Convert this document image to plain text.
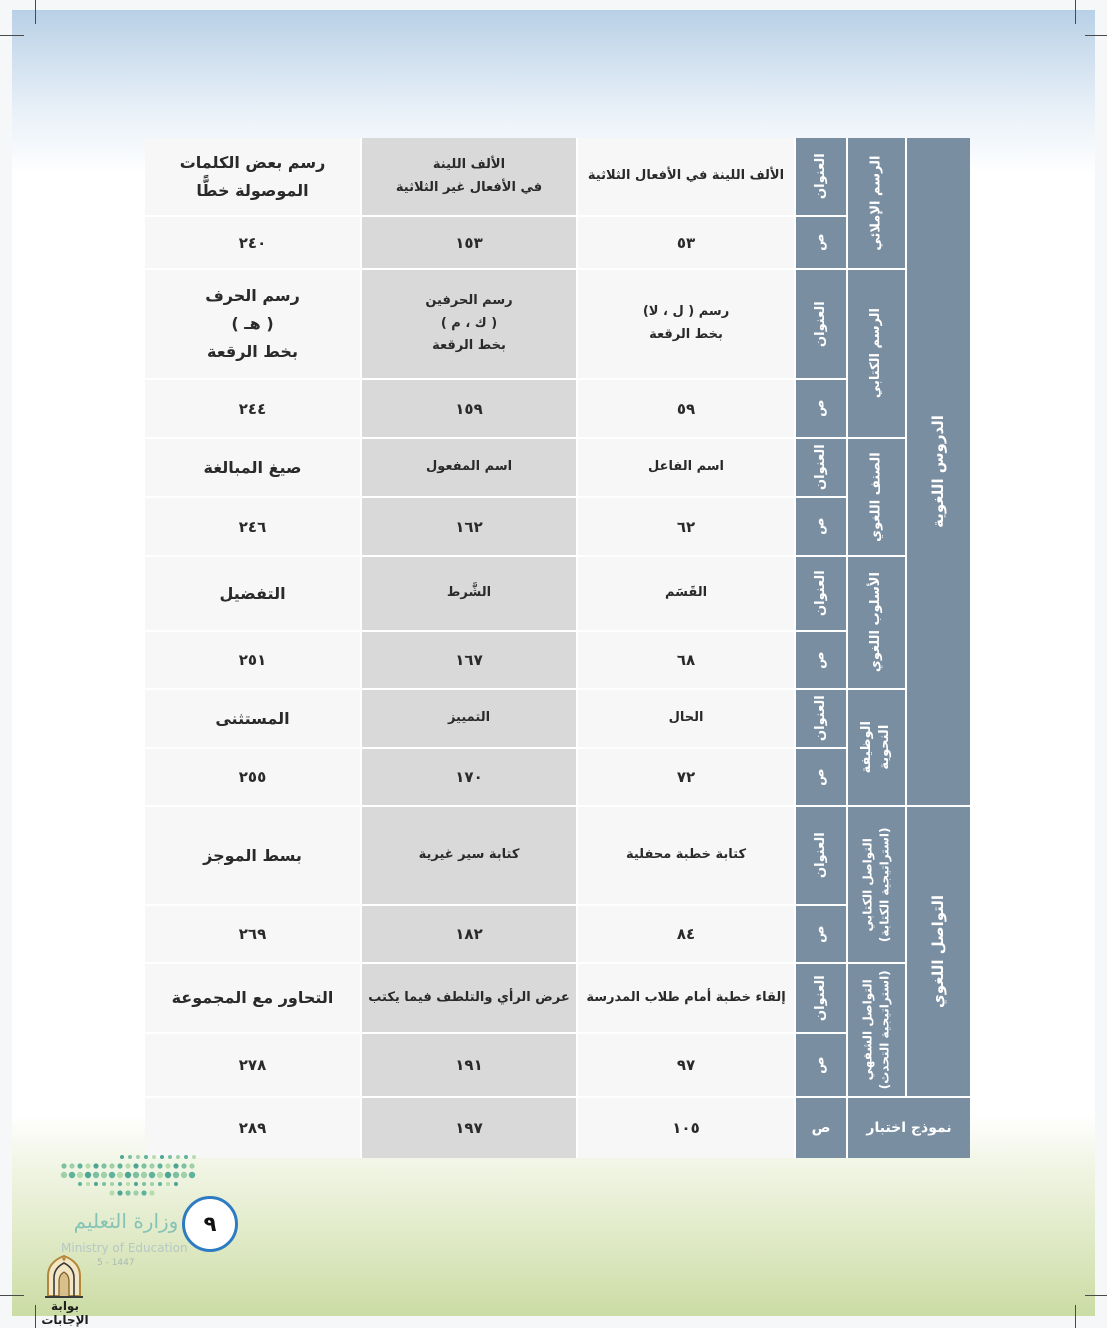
الدروس اللغوية
الرسم الإملائي
العنوان
الألف اللينة في الأفعال الثلاثية
الألف اللينة
في الأفعال غير الثلاثية
رسم بعض الكلمات
الموصولة خطًّا
ص
٥٣
١٥٣
٢٤٠
الرسم الكتابي
العنوان
رسم ( ل ، لا)
بخط الرقعة
رسم الحرفين
( ك ، م )
بخط الرقعة
رسم الحرف
( هـ )
بخط الرقعة
ص
٥٩
١٥٩
٢٤٤
الصنف اللغوي
العنوان
اسم الفاعل
اسم المفعول
صيغ المبالغة
ص
٦٢
١٦٢
٢٤٦
الأسلوب اللغوي
العنوان
القَسَم
الشَّرط
التفضيل
ص
٦٨
١٦٧
٢٥١
الوظيفة
النحوية
العنوان
الحال
التمييز
المستثنى
ص
٧٢
١٧٠
٢٥٥
التواصل اللغوي
التواصل الكتابي
(استراتيجية الكتابة)
العنوان
كتابة خطبة محفلية
كتابة سير غيرية
بسط الموجز
ص
٨٤
١٨٢
٢٦٩
التواصل الشفهي
(استراتيجية التحدث)
العنوان
إلقاء خطبة أمام طلاب المدرسة
عرض الرأي والتلطف فيما يكتب
التحاور مع المجموعة
ص
٩٧
١٩١
٢٧٨
نموذج اختبار
ص
١٠٥
١٩٧
٢٨٩
وزارة التعليم
Ministry of Education
5 - 1447
٩
بوابة الإجابات
